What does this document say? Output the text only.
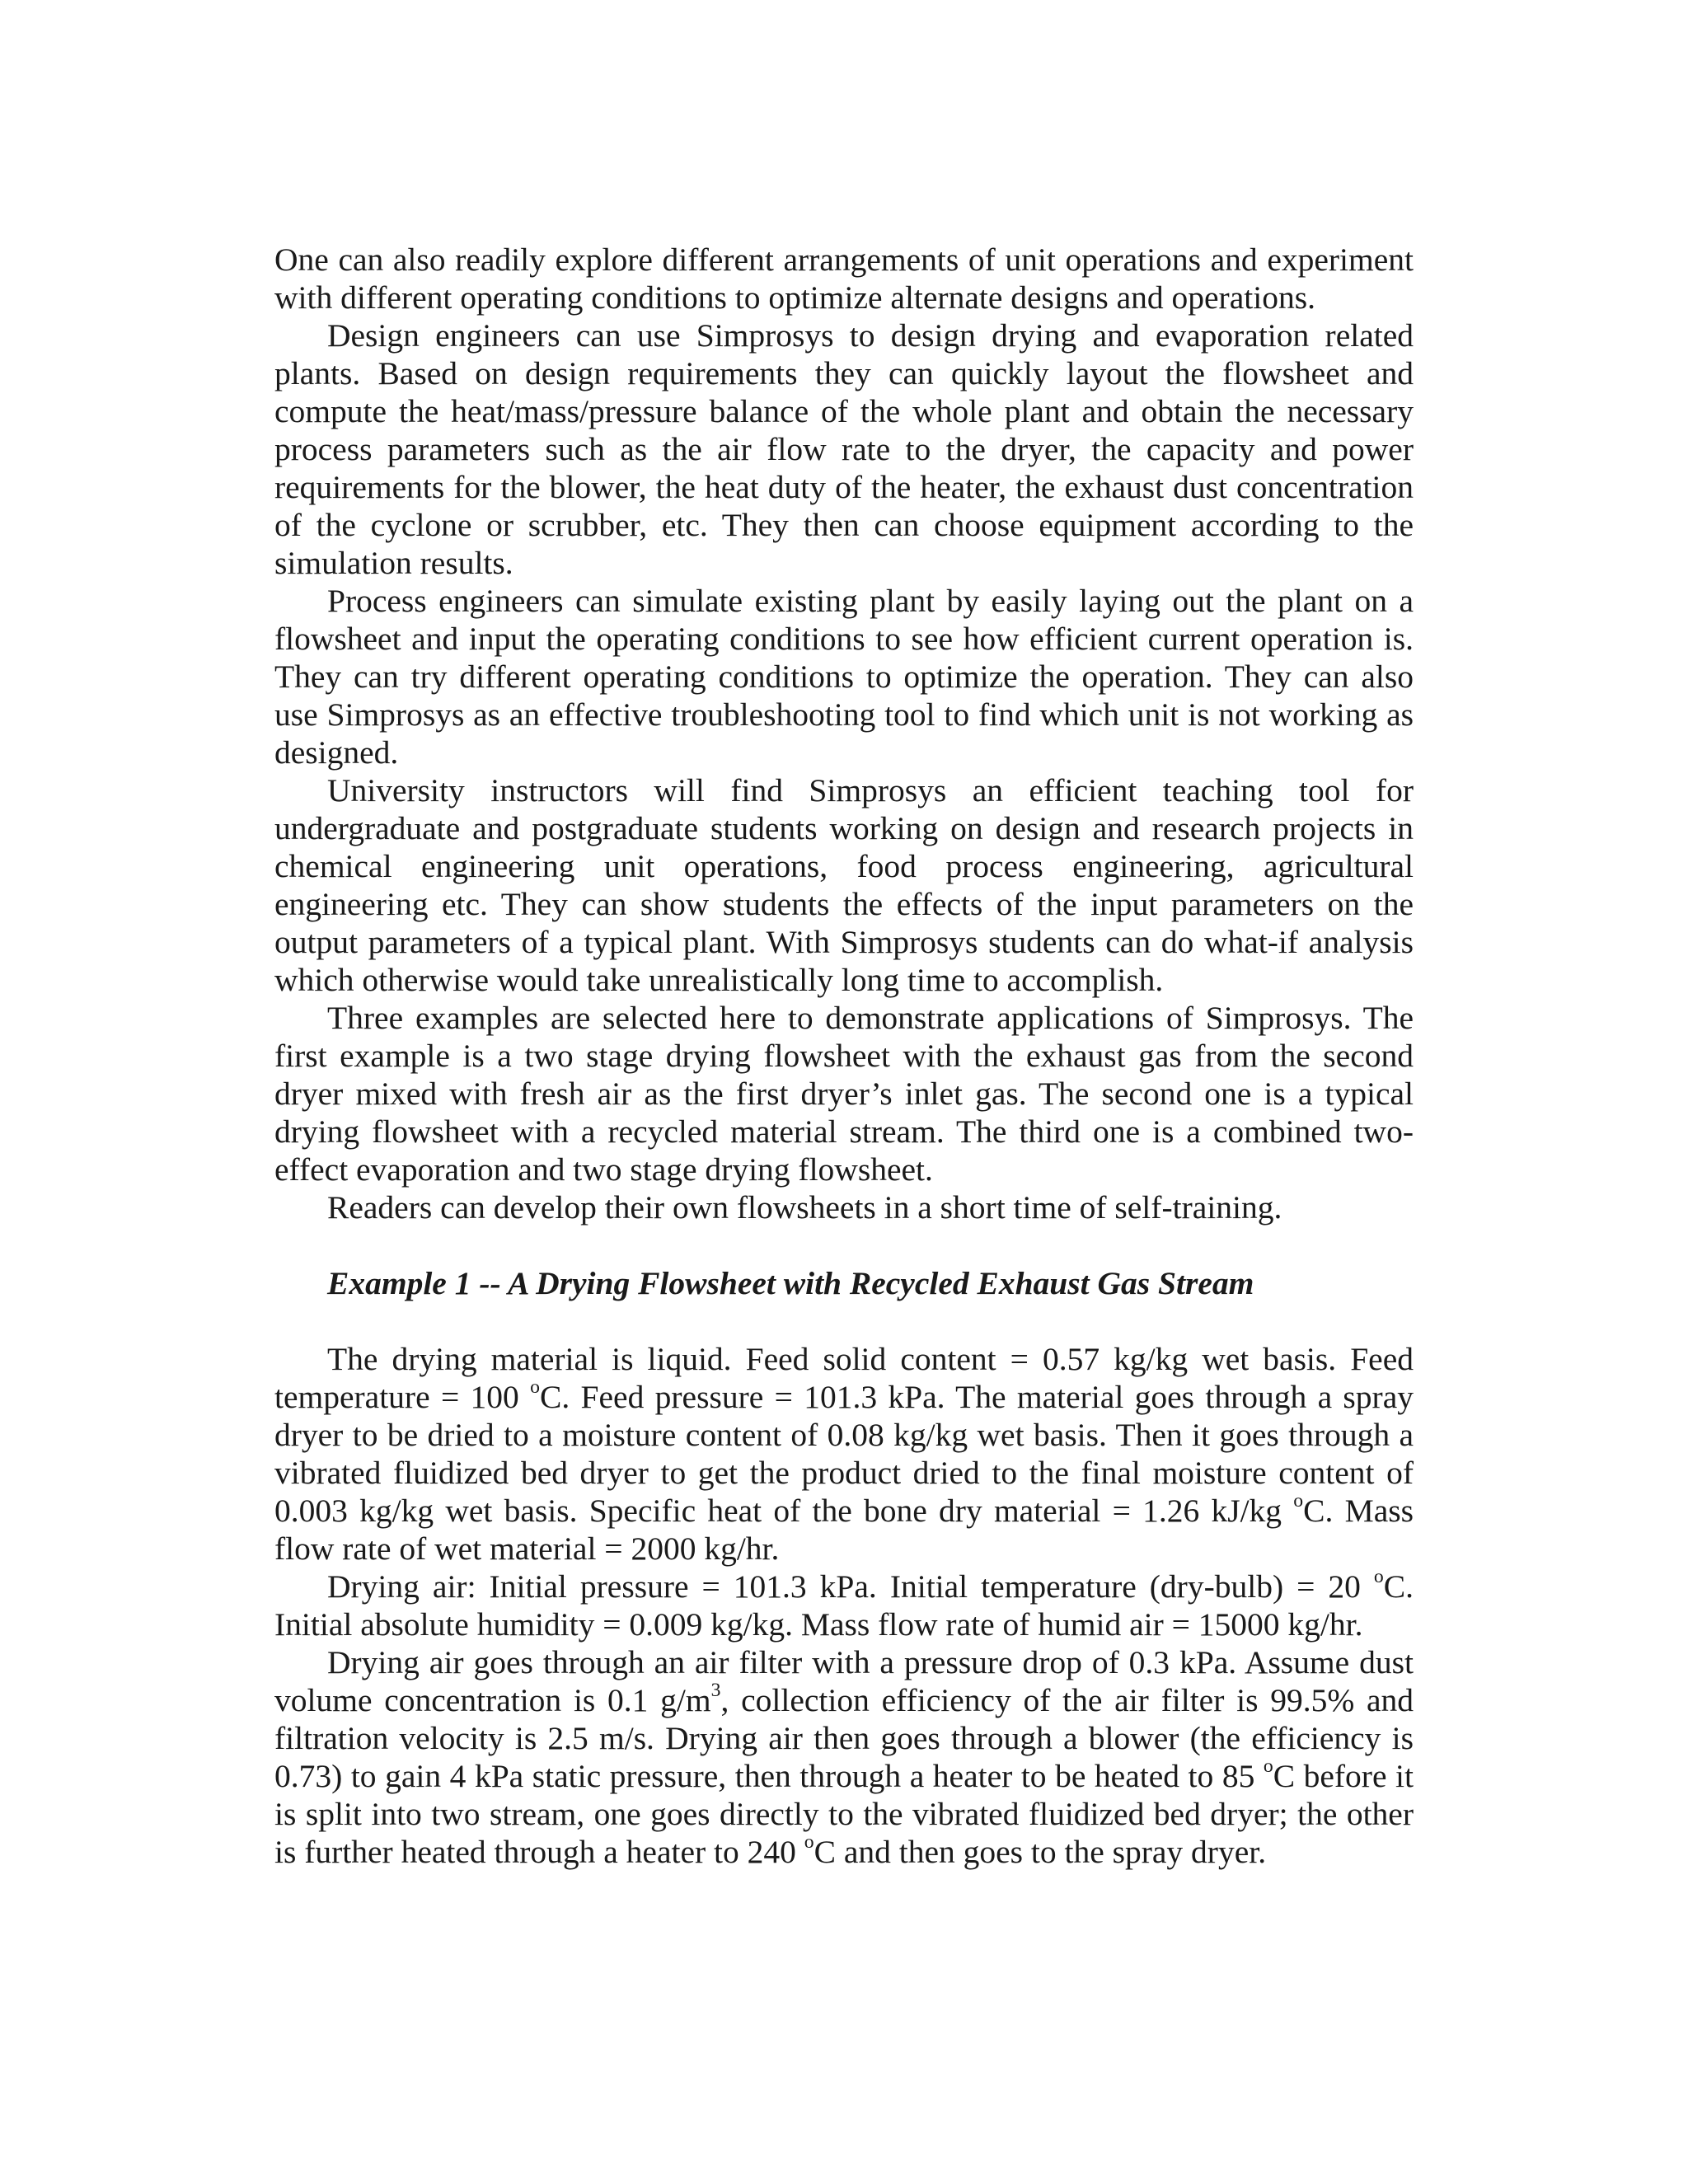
One can also readily explore different arrangements of unit operations and experiment with different operating conditions to optimize alternate designs and operations.

Design engineers can use Simprosys to design drying and evaporation related plants. Based on design requirements they can quickly layout the flowsheet and compute the heat/mass/pressure balance of the whole plant and obtain the necessary process parameters such as the air flow rate to the dryer, the capacity and power requirements for the blower, the heat duty of the heater, the exhaust dust concentration of the cyclone or scrubber, etc. They then can choose equipment according to the simulation results.

Process engineers can simulate existing plant by easily laying out the plant on a flowsheet and input the operating conditions to see how efficient current operation is. They can try different operating conditions to optimize the operation. They can also use Simprosys as an effective troubleshooting tool to find which unit is not working as designed.

University instructors will find Simprosys an efficient teaching tool for undergraduate and postgraduate students working on design and research projects in chemical engineering unit operations, food process engineering, agricultural engineering etc. They can show students the effects of the input parameters on the output parameters of a typical plant. With Simprosys students can do what-if analysis which otherwise would take unrealistically long time to accomplish.

Three examples are selected here to demonstrate applications of Simprosys. The first example is a two stage drying flowsheet with the exhaust gas from the second dryer mixed with fresh air as the first dryer’s inlet gas. The second one is a typical drying flowsheet with a recycled material stream. The third one is a combined two-effect evaporation and two stage drying flowsheet.

Readers can develop their own flowsheets in a short time of self-training.

Example 1 -- A Drying Flowsheet with Recycled Exhaust Gas Stream

The drying material is liquid. Feed solid content = 0.57 kg/kg wet basis. Feed temperature = 100 $^o$C. Feed pressure = 101.3 kPa. The material goes through a spray dryer to be dried to a moisture content of 0.08 kg/kg wet basis. Then it goes through a vibrated fluidized bed dryer to get the product dried to the final moisture content of 0.003 kg/kg wet basis. Specific heat of the bone dry material = 1.26 kJ/kg $^o$C. Mass flow rate of wet material = 2000 kg/hr.

Drying air: Initial pressure = 101.3 kPa. Initial temperature (dry-bulb) = 20 $^o$C. Initial absolute humidity = 0.009 kg/kg. Mass flow rate of humid air = 15000 kg/hr.

Drying air goes through an air filter with a pressure drop of 0.3 kPa. Assume dust volume concentration is 0.1 $g/m^3$, collection efficiency of the air filter is 99.5% and filtration velocity is 2.5 m/s. Drying air then goes through a blower (the efficiency is 0.73) to gain 4 kPa static pressure, then through a heater to be heated to 85 $^o$C before it is split into two stream, one goes directly to the vibrated fluidized bed dryer; the other is further heated through a heater to 240 $^o$C and then goes to the spray dryer.
